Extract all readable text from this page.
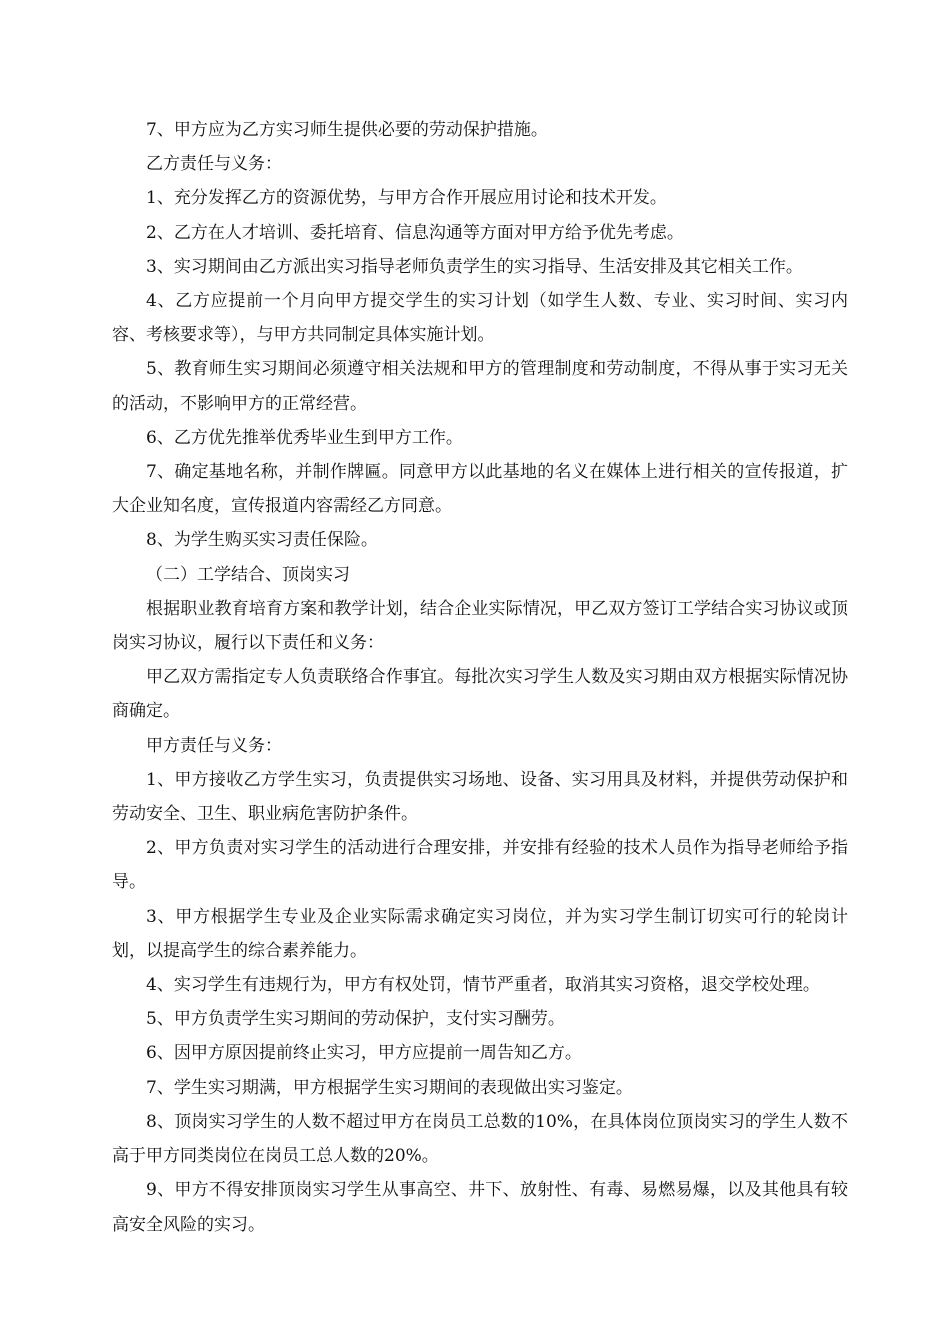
7、甲方应为乙方实习师生提供必要的劳动保护措施。

乙方责任与义务：

1、充分发挥乙方的资源优势，与甲方合作开展应用讨论和技术开发。

2、乙方在人才培训、委托培育、信息沟通等方面对甲方给予优先考虑。

3、实习期间由乙方派出实习指导老师负责学生的实习指导、生活安排及其它相关工作。

4、乙方应提前一个月向甲方提交学生的实习计划（如学生人数、专业、实习时间、实习内容、考核要求等），与甲方共同制定具体实施计划。

5、教育师生实习期间必须遵守相关法规和甲方的管理制度和劳动制度，不得从事于实习无关的活动，不影响甲方的正常经营。

6、乙方优先推举优秀毕业生到甲方工作。

7、确定基地名称，并制作牌匾。同意甲方以此基地的名义在媒体上进行相关的宣传报道，扩大企业知名度，宣传报道内容需经乙方同意。

8、为学生购买实习责任保险。

（二）工学结合、顶岗实习

根据职业教育培育方案和教学计划，结合企业实际情况，甲乙双方签订工学结合实习协议或顶岗实习协议，履行以下责任和义务：

甲乙双方需指定专人负责联络合作事宜。每批次实习学生人数及实习期由双方根据实际情况协商确定。

甲方责任与义务：

1、甲方接收乙方学生实习，负责提供实习场地、设备、实习用具及材料，并提供劳动保护和劳动安全、卫生、职业病危害防护条件。

2、甲方负责对实习学生的活动进行合理安排，并安排有经验的技术人员作为指导老师给予指导。

3、甲方根据学生专业及企业实际需求确定实习岗位，并为实习学生制订切实可行的轮岗计划，以提高学生的综合素养能力。

4、实习学生有违规行为，甲方有权处罚，情节严重者，取消其实习资格，退交学校处理。

5、甲方负责学生实习期间的劳动保护，支付实习酬劳。

6、因甲方原因提前终止实习，甲方应提前一周告知乙方。

7、学生实习期满，甲方根据学生实习期间的表现做出实习鉴定。

8、顶岗实习学生的人数不超过甲方在岗员工总数的10%，在具体岗位顶岗实习的学生人数不高于甲方同类岗位在岗员工总人数的20%。

9、甲方不得安排顶岗实习学生从事高空、井下、放射性、有毒、易燃易爆，以及其他具有较高安全风险的实习。
